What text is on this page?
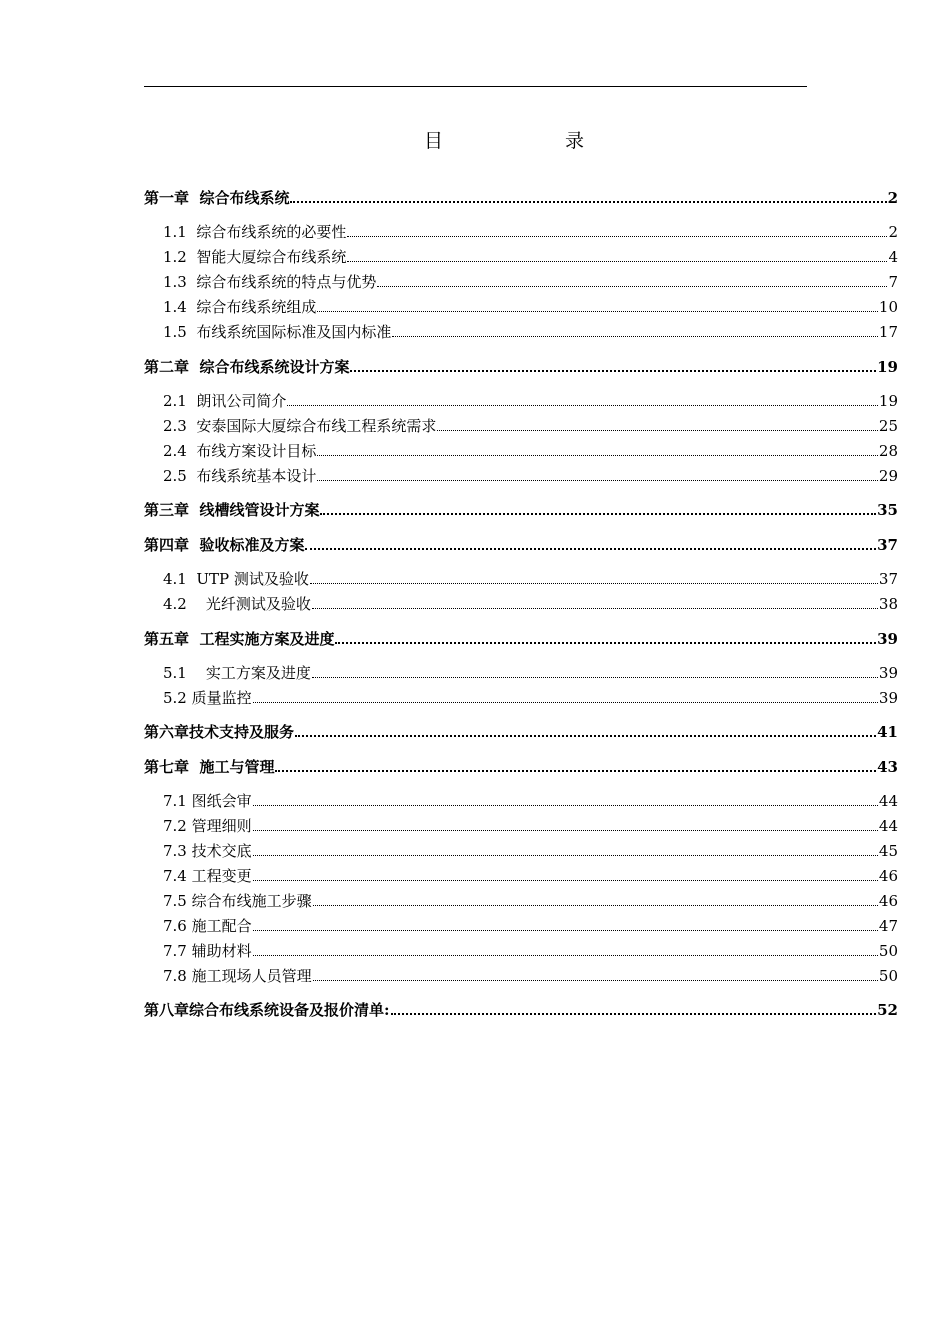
目 录
第一章  综合布线系统	2
1.1  综合布线系统的必要性	2
1.2  智能大厦综合布线系统	4
1.3  综合布线系统的特点与优势	7
1.4  综合布线系统组成	10
1.5  布线系统国际标准及国内标准	17
第二章  综合布线系统设计方案	19
2.1  朗讯公司简介	19
2.3  安泰国际大厦综合布线工程系统需求	25
2.4  布线方案设计目标	28
2.5  布线系统基本设计	29
第三章  线槽线管设计方案	35
第四章  验收标准及方案	37
4.1  UTP 测试及验收	37
4.2    光纤测试及验收	38
第五章  工程实施方案及进度	39
5.1    实工方案及进度	39
5.2 质量监控	39
第六章技术支持及服务	41
第七章  施工与管理	43
7.1 图纸会审	44
7.2 管理细则	44
7.3 技术交底	45
7.4 工程变更	46
7.5 综合布线施工步骤	46
7.6 施工配合	47
7.7 辅助材料	50
7.8 施工现场人员管理	50
第八章综合布线系统设备及报价清单:	52
